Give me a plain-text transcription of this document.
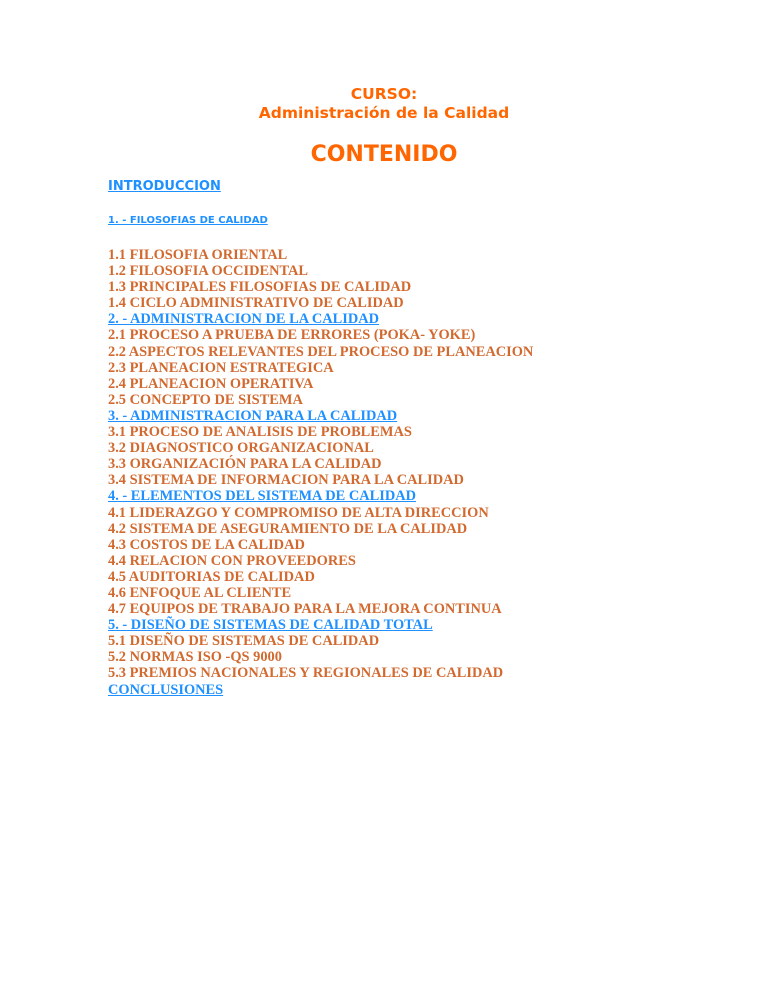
CURSO:
Administración de la Calidad
CONTENIDO
INTRODUCCION
1. - FILOSOFIAS DE CALIDAD
1.1 FILOSOFIA ORIENTAL
1.2 FILOSOFIA OCCIDENTAL
1.3 PRINCIPALES FILOSOFIAS DE CALIDAD
1.4 CICLO ADMINISTRATIVO DE CALIDAD
2. - ADMINISTRACION DE LA CALIDAD
2.1 PROCESO A PRUEBA DE ERRORES (POKA- YOKE)
2.2 ASPECTOS RELEVANTES DEL PROCESO DE PLANEACION
2.3 PLANEACION ESTRATEGICA
2.4 PLANEACION OPERATIVA
2.5 CONCEPTO DE SISTEMA
3. - ADMINISTRACION PARA LA CALIDAD
3.1 PROCESO DE ANALISIS DE PROBLEMAS
3.2 DIAGNOSTICO ORGANIZACIONAL
3.3 ORGANIZACIÓN PARA LA CALIDAD
3.4 SISTEMA DE INFORMACION PARA LA CALIDAD
4. - ELEMENTOS DEL SISTEMA DE CALIDAD
4.1 LIDERAZGO Y COMPROMISO DE ALTA DIRECCION
4.2 SISTEMA DE ASEGURAMIENTO DE LA CALIDAD
4.3 COSTOS DE LA CALIDAD
4.4 RELACION CON PROVEEDORES
4.5 AUDITORIAS DE CALIDAD
4.6 ENFOQUE AL CLIENTE
4.7 EQUIPOS DE TRABAJO PARA LA MEJORA CONTINUA
5. - DISEÑO DE SISTEMAS DE CALIDAD TOTAL
5.1 DISEÑO DE SISTEMAS DE CALIDAD
5.2 NORMAS ISO -QS 9000
5.3 PREMIOS NACIONALES Y REGIONALES DE CALIDAD
CONCLUSIONES
